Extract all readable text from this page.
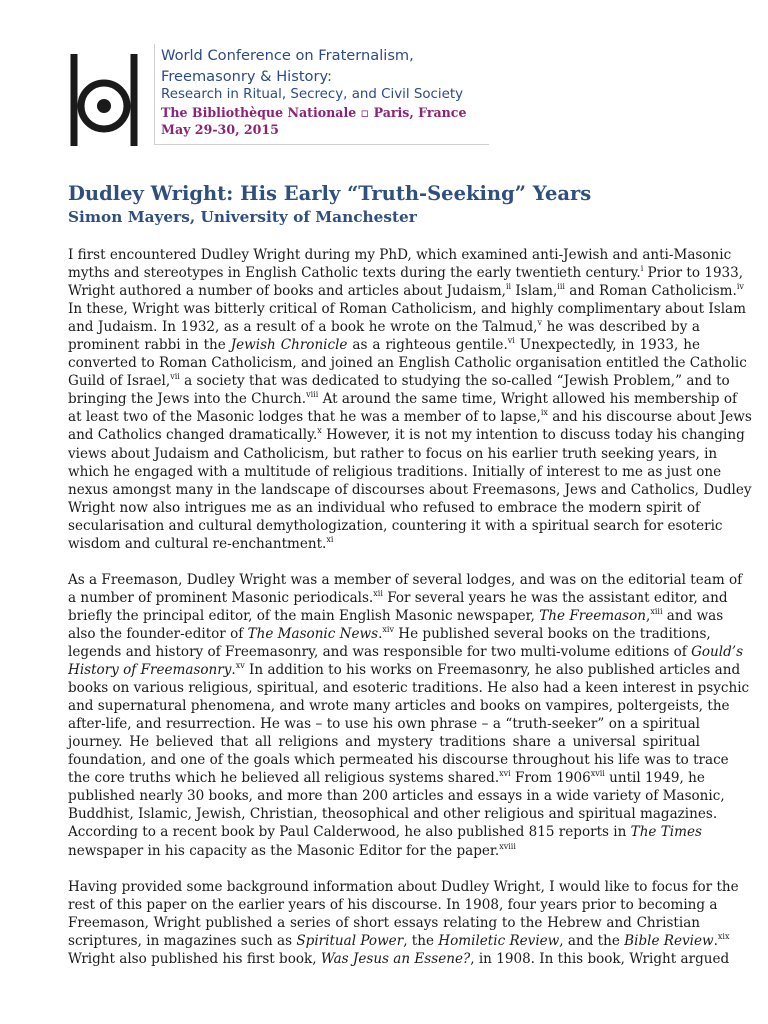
World Conference on Fraternalism,
Freemasonry & History:
Research in Ritual, Secrecy, and Civil Society
The Bibliothèque Nationale ▫ Paris, France
May 29-30, 2015
Dudley Wright: His Early “Truth-Seeking” Years
Simon Mayers, University of Manchester

I first encountered Dudley Wright during my PhD, which examined anti-Jewish and anti-Masonic
myths and stereotypes in English Catholic texts during the early twentieth century.$^i$ Prior to 1933,
Wright authored a number of books and articles about Judaism,$^{ii}$ Islam,$^{iii}$ and Roman Catholicism.$^{iv}$
In these, Wright was bitterly critical of Roman Catholicism, and highly complimentary about Islam
and Judaism. In 1932, as a result of a book he wrote on the Talmud,$^v$ he was described by a
prominent rabbi in the Jewish Chronicle as a righteous gentile.$^{vi}$ Unexpectedly, in 1933, he
converted to Roman Catholicism, and joined an English Catholic organisation entitled the Catholic
Guild of Israel,$^{vii}$ a society that was dedicated to studying the so-called “Jewish Problem,” and to
bringing the Jews into the Church.$^{viii}$ At around the same time, Wright allowed his membership of
at least two of the Masonic lodges that he was a member of to lapse,$^{ix}$ and his discourse about Jews
and Catholics changed dramatically.$^x$ However, it is not my intention to discuss today his changing
views about Judaism and Catholicism, but rather to focus on his earlier truth seeking years, in
which he engaged with a multitude of religious traditions. Initially of interest to me as just one
nexus amongst many in the landscape of discourses about Freemasons, Jews and Catholics, Dudley
Wright now also intrigues me as an individual who refused to embrace the modern spirit of
secularisation and cultural demythologization, countering it with a spiritual search for esoteric
wisdom and cultural re-enchantment.$^{xi}$

As a Freemason, Dudley Wright was a member of several lodges, and was on the editorial team of
a number of prominent Masonic periodicals.$^{xii}$ For several years he was the assistant editor, and
briefly the principal editor, of the main English Masonic newspaper, The Freemason,$^{xiii}$ and was
also the founder-editor of The Masonic News.$^{xiv}$ He published several books on the traditions,
legends and history of Freemasonry, and was responsible for two multi-volume editions of Gould’s
History of Freemasonry.$^{xv}$ In addition to his works on Freemasonry, he also published articles and
books on various religious, spiritual, and esoteric traditions. He also had a keen interest in psychic
and supernatural phenomena, and wrote many articles and books on vampires, poltergeists, the
after-life, and resurrection. He was – to use his own phrase – a “truth-seeker” on a spiritual
journey. He believed that all religions and mystery traditions share a universal spiritual
foundation, and one of the goals which permeated his discourse throughout his life was to trace
the core truths which he believed all religious systems shared.$^{xvi}$ From 1906$^{xvii}$ until 1949, he
published nearly 30 books, and more than 200 articles and essays in a wide variety of Masonic,
Buddhist, Islamic, Jewish, Christian, theosophical and other religious and spiritual magazines.
According to a recent book by Paul Calderwood, he also published 815 reports in The Times
newspaper in his capacity as the Masonic Editor for the paper.$^{xviii}$

Having provided some background information about Dudley Wright, I would like to focus for the
rest of this paper on the earlier years of his discourse. In 1908, four years prior to becoming a
Freemason, Wright published a series of short essays relating to the Hebrew and Christian
scriptures, in magazines such as Spiritual Power, the Homiletic Review, and the Bible Review.$^{xix}$
Wright also published his first book, Was Jesus an Essene?, in 1908. In this book, Wright argued
